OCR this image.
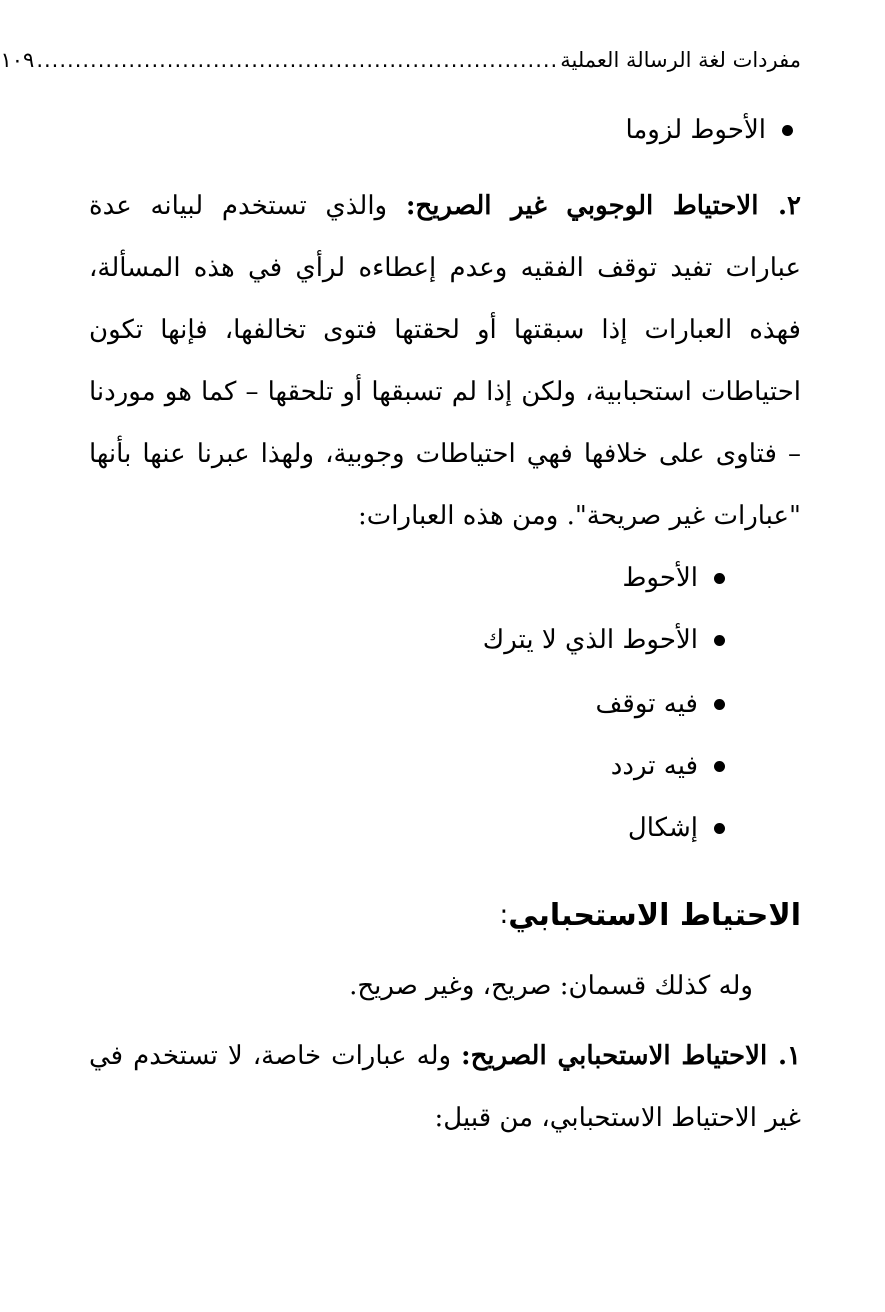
مفردات لغة الرسالة العملية
....................................................................
١٠٩
الأحوط لزوما
٢. الاحتياط الوجوبي غير الصريح: والذي تستخدم لبيانه عدة عبارات تفيد توقف الفقيه وعدم إعطاءه لرأي في هذه المسألة، فهذه العبارات إذا سبقتها أو لحقتها فتوى تخالفها، فإنها تكون احتياطات استحبابية، ولكن إذا لم تسبقها أو تلحقها – كما هو موردنا – فتاوى على خلافها فهي احتياطات وجوبية، ولهذا عبرنا عنها بأنها "عبارات غير صريحة". ومن هذه العبارات:
الأحوط
الأحوط الذي لا يترك
فيه توقف
فيه تردد
إشكال
الاحتياط الاستحبابي
:
وله كذلك قسمان: صريح، وغير صريح.
١. الاحتياط الاستحبابي الصريح: وله عبارات خاصة، لا تستخدم في غير الاحتياط الاستحبابي، من قبيل:
